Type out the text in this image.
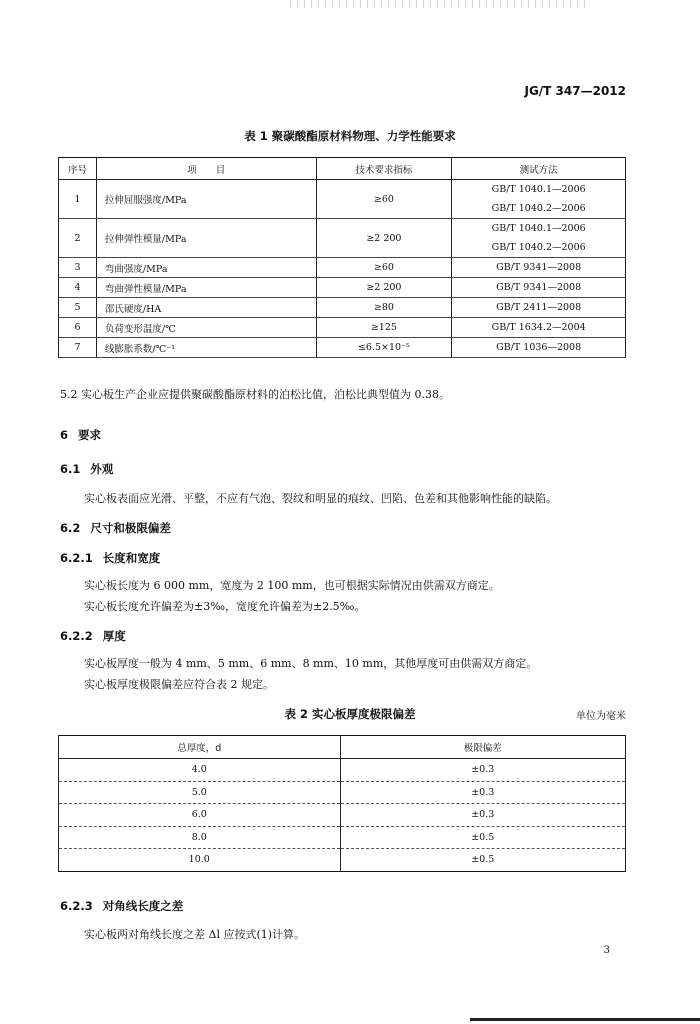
JG/T 347—2012
表 1 聚碳酸酯原材料物理、力学性能要求
序号	项　　目	技术要求指标	测试方法
1	拉伸屈服强度/MPa	≥60	GB/T 1040.1—2006
GB/T 1040.2—2006

2	拉伸弹性模量/MPa	≥2 200	GB/T 1040.1—2006
GB/T 1040.2—2006

3	弯曲强度/MPa	≥60	GB/T 9341—2008
4	弯曲弹性模量/MPa	≥2 200	GB/T 9341—2008
5	邵氏硬度/HA	≥80	GB/T 2411—2008
6	负荷变形温度/℃	≥125	GB/T 1634.2—2004
7	线膨胀系数/℃⁻¹	≤6.5×10⁻⁵	GB/T 1036—2008
5.2 实心板生产企业应提供聚碳酸酯原材料的泊松比值，泊松比典型值为 0.38。
6 要求
6.1 外观
实心板表面应光滑、平整，不应有气泡、裂纹和明显的痕纹、凹陷、色差和其他影响性能的缺陷。
6.2 尺寸和极限偏差
6.2.1 长度和宽度
实心板长度为 6 000 mm，宽度为 2 100 mm，也可根据实际情况由供需双方商定。
实心板长度允许偏差为±3‰，宽度允许偏差为±2.5‰。
6.2.2 厚度
实心板厚度一般为 4 mm、5 mm、6 mm、8 mm、10 mm，其他厚度可由供需双方商定。
实心板厚度极限偏差应符合表 2 规定。
表 2 实心板厚度极限偏差	单位为毫米
总厚度，d	极限偏差
4.0	±0.3
5.0	±0.3
6.0	±0.3
8.0	±0.5
10.0	±0.5
6.2.3 对角线长度之差
实心板两对角线长度之差 Δl 应按式(1)计算。
3
